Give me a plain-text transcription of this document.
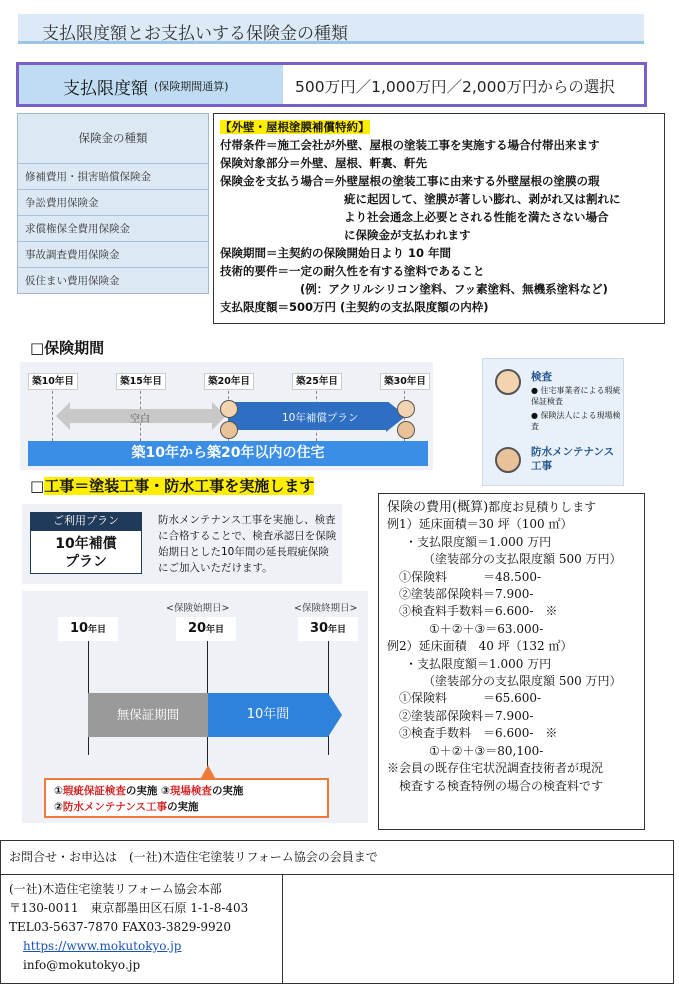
支払限度額とお支払いする保険金の種類
支払限度額 (保険期間通算)	500万円／1,000万円／2,000万円からの選択
保険金の種類
修補費用・損害賠償保険金
争訟費用保険金
求償権保全費用保険金
事故調査費用保険金
仮住まい費用保険金
【外壁・屋根塗膜補償特約】
付帯条件＝施工会社が外壁、屋根の塗装工事を実施する場合付帯出来ます
保険対象部分＝外壁、屋根、軒裏、軒先
保険金を支払う場合＝外壁屋根の塗装工事に由来する外壁屋根の塗膜の瑕
疵に起因して、塗膜が著しい膨れ、剥がれ又は割れに
より社会通念上必要とされる性能を満たさない場合
に保険金が支払われます
保険期間＝主契約の保険開始日より 10 年間
技術的要件＝一定の耐久性を有する塗料であること
(例：アクリルシリコン塗料、フッ素塗料、無機系塗料など)
支払限度額＝500万円 (主契約の支払限度額の内枠)
□保険期間
築10年目	築15年目	築20年目	築25年目	築30年目
空白	10年補償プラン
築10年から築20年以内の住宅
検査
● 住宅事業者による瑕疵保証検査
● 保険法人による現場検査
防水メンテナンス工事
□工事＝塗装工事・防水工事を実施します
ご利用プラン
10年補償
プラン
防水メンテナンス工事を実施し、検査に合格することで、検査承認日を保険始期日とした10年間の延長瑕疵保険にご加入いただけます。
<保険始期日>	<保険終期日>
10年目	20年目	30年目
無保証期間	10年間
①瑕疵保証検査の実施 ③現場検査の実施
②防水メンテナンス工事の実施
保険の費用(概算)都度お見積りします
例1）延床面積＝30 坪（100 ㎡）
・支払限度額＝1.000 万円
（塗装部分の支払限度額 500 万円）
①保険料　　　＝48.500-
②塗装部保険料＝7.900-
③検査料手数料＝6.600-　※
①＋②＋③＝63.000-
例2）延床面積　40 坪（132 ㎡）
・支払限度額＝1.000 万円
（塗装部分の支払限度額 500 万円）
①保険料　　　＝65.600-
②塗装部保険料＝7.900-
③検査手数料　＝6.600-　※
①＋②＋③＝80,100-
※会員の既存住宅状況調査技術者が現況
検査する検査特例の場合の検査料です
お問合せ・お申込は　(一社)木造住宅塗装リフォーム協会の会員まで
(一社)木造住宅塗装リフォーム協会本部
〒130-0011　東京都墨田区石原 1-1-8-403
TEL03-5637-7870 FAX03-3829-9920
https://www.mokutokyo.jp
info@mokutokyo.jp
